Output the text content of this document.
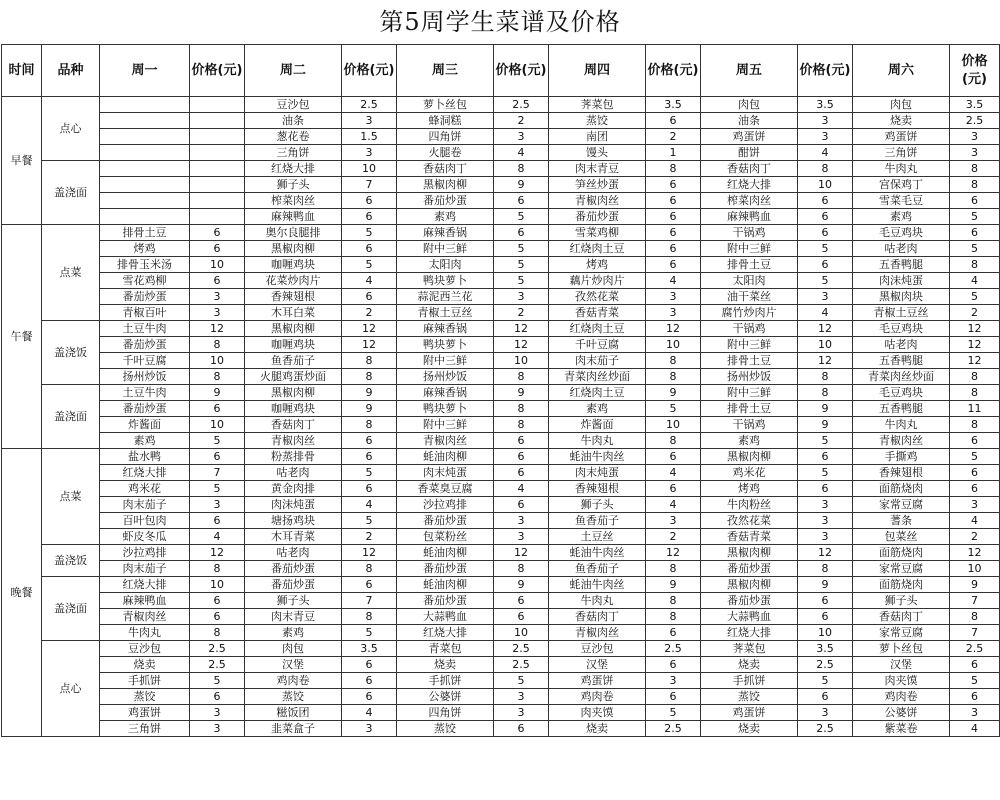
第5周学生菜谱及价格
时间	品种	周一	价格(元)	周二	价格(元)	周三	价格(元)	周四	价格(元)	周五	价格(元)	周六	价格(元)
早餐	点心			豆沙包	2.5	萝卜丝包	2.5	荠菜包	3.5	肉包	3.5	肉包	3.5
				油条	3	蜂洞糕	2	蒸饺	6	油条	3	烧卖	2.5
				葱花卷	1.5	四角饼	3	南团	2	鸡蛋饼	3	鸡蛋饼	3
				三角饼	3	火腿卷	4	馒头	1	酣饼	4	三角饼	3
	盖浇面			红烧大排	10	香菇肉丁	8	肉末青豆	8	香菇肉丁	8	牛肉丸	8
				狮子头	7	黑椒肉柳	9	笋丝炒蛋	6	红烧大排	10	宫保鸡丁	8
				榨菜肉丝	6	番茄炒蛋	6	青椒肉丝	6	榨菜肉丝	6	雪菜毛豆	6
				麻辣鸭血	6	素鸡	5	番茄炒蛋	6	麻辣鸭血	6	素鸡	5
午餐	点菜	排骨土豆	6	奥尔良腿排	5	麻辣香锅	6	雪菜鸡柳	6	干锅鸡	6	毛豆鸡块	6
		烤鸡	6	黑椒肉柳	6	附中三鲜	5	红烧肉土豆	6	附中三鲜	5	咕老肉	5
		排骨玉米汤	10	咖喱鸡块	5	太阳肉	5	烤鸡	6	排骨土豆	6	五香鸭腿	8
		雪花鸡柳	6	花菜炒肉片	4	鸭块萝卜	5	藕片炒肉片	4	太阳肉	5	肉沫炖蛋	4
		番茄炒蛋	3	香辣翅根	6	蒜泥西兰花	3	孜然花菜	3	油干菜丝	3	黑椒肉块	5
		青椒百叶	3	木耳白菜	2	青椒土豆丝	2	香菇青菜	3	腐竹炒肉片	4	青椒土豆丝	2
	盖浇饭	土豆牛肉	12	黑椒肉柳	12	麻辣香锅	12	红烧肉土豆	12	干锅鸡	12	毛豆鸡块	12
		番茄炒蛋	8	咖喱鸡块	12	鸭块萝卜	12	千叶豆腐	10	附中三鲜	10	咕老肉	12
		千叶豆腐	10	鱼香茄子	8	附中三鲜	10	肉末茄子	8	排骨土豆	12	五香鸭腿	12
		扬州炒饭	8	火腿鸡蛋炒面	8	扬州炒饭	8	青菜肉丝炒面	8	扬州炒饭	8	青菜肉丝炒面	8
	盖浇面	土豆牛肉	9	黑椒肉柳	9	麻辣香锅	9	红烧肉土豆	9	附中三鲜	8	毛豆鸡块	8
		番茄炒蛋	6	咖喱鸡块	9	鸭块萝卜	8	素鸡	5	排骨土豆	9	五香鸭腿	11
		炸酱面	10	香菇肉丁	8	附中三鲜	8	炸酱面	10	干锅鸡	9	牛肉丸	8
		素鸡	5	青椒肉丝	6	青椒肉丝	6	牛肉丸	8	素鸡	5	青椒肉丝	6
晚餐	点菜	盐水鸭	6	粉蒸排骨	6	蚝油肉柳	6	蚝油牛肉丝	6	黑椒肉柳	6	手撕鸡	5
		红烧大排	7	咕老肉	5	肉末炖蛋	6	肉末炖蛋	4	鸡米花	5	香辣翅根	6
		鸡米花	5	黄金肉排	6	香菜臭豆腐	4	香辣翅根	6	烤鸡	6	面筋烧肉	6
		肉末茄子	3	肉沫炖蛋	4	沙拉鸡排	6	狮子头	4	牛肉粉丝	3	家常豆腐	3
		百叶包肉	6	塘扬鸡块	5	番茄炒蛋	3	鱼香茄子	3	孜然花菜	3	蓍条	4
		虾皮冬瓜	4	木耳青菜	2	包菜粉丝	3	土豆丝	2	香菇青菜	3	包菜丝	2
	盖浇饭	沙拉鸡排	12	咕老肉	12	蚝油肉柳	12	蚝油牛肉丝	12	黑椒肉柳	12	面筋烧肉	12
		肉末茄子	8	番茄炒蛋	8	番茄炒蛋	8	鱼香茄子	8	番茄炒蛋	8	家常豆腐	10
	盖浇面	红烧大排	10	番茄炒蛋	6	蚝油肉柳	9	蚝油牛肉丝	9	黑椒肉柳	9	面筋烧肉	9
		麻辣鸭血	6	狮子头	7	番茄炒蛋	6	牛肉丸	8	番茄炒蛋	6	狮子头	7
		青椒肉丝	6	肉末青豆	8	大蒜鸭血	6	香菇肉丁	8	大蒜鸭血	6	香菇肉丁	8
		牛肉丸	8	素鸡	5	红烧大排	10	青椒肉丝	6	红烧大排	10	家常豆腐	7
	点心	豆沙包	2.5	肉包	3.5	青菜包	2.5	豆沙包	2.5	荠菜包	3.5	萝卜丝包	2.5
		烧卖	2.5	汉堡	6	烧卖	2.5	汉堡	6	烧卖	2.5	汉堡	6
		手抓饼	5	鸡肉卷	6	手抓饼	5	鸡蛋饼	3	手抓饼	5	肉夹馍	5
		蒸饺	6	蒸饺	6	公婆饼	3	鸡肉卷	6	蒸饺	6	鸡肉卷	6
		鸡蛋饼	3	糍饭团	4	四角饼	3	肉夹馍	5	鸡蛋饼	3	公婆饼	3
		三角饼	3	韭菜盒子	3	蒸饺	6	烧卖	2.5	烧卖	2.5	紫菜卷	4
